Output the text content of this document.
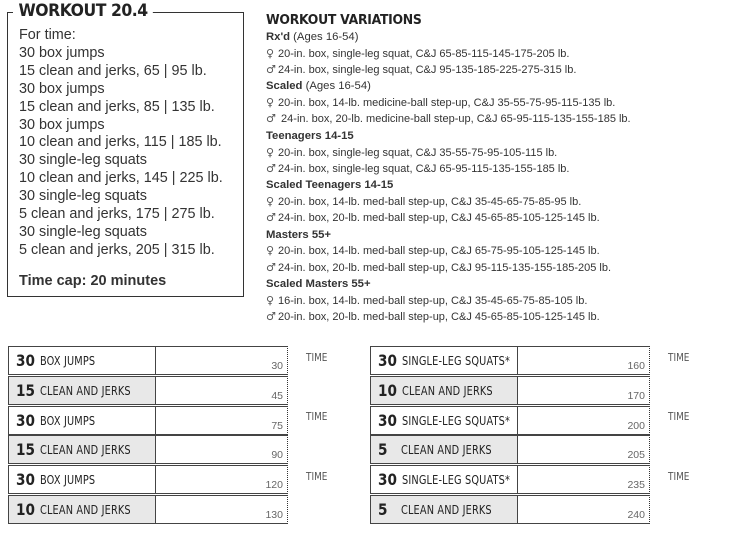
WORKOUT 20.4
For time:
30 box jumps
15 clean and jerks, 65 | 95 lb.
30 box jumps
15 clean and jerks, 85 | 135 lb.
30 box jumps
10 clean and jerks, 115 | 185 lb.
30 single-leg squats
10 clean and jerks, 145 | 225 lb.
30 single-leg squats
5 clean and jerks, 175 | 275 lb.
30 single-leg squats
5 clean and jerks, 205 | 315 lb.
Time cap: 20 minutes
WORKOUT VARIATIONS
Rx'd (Ages 16-54)
♀ 20-in. box, single-leg squat, C&J 65-85-115-145-175-205 lb.
♂ 24-in. box, single-leg squat, C&J 95-135-185-225-275-315 lb.
Scaled (Ages 16-54)
♀ 20-in. box, 14-lb. medicine-ball step-up, C&J 35-55-75-95-115-135 lb.
♂ 24-in. box, 20-lb. medicine-ball step-up, C&J 65-95-115-135-155-185 lb.
Teenagers 14-15
♀ 20-in. box, single-leg squat, C&J 35-55-75-95-105-115 lb.
♂ 24-in. box, single-leg squat, C&J 65-95-115-135-155-185 lb.
Scaled Teenagers 14-15
♀ 20-in. box, 14-lb. med-ball step-up, C&J 35-45-65-75-85-95 lb.
♂ 24-in. box, 20-lb. med-ball step-up, C&J 45-65-85-105-125-145 lb.
Masters 55+
♀ 20-in. box, 14-lb. med-ball step-up, C&J 65-75-95-105-125-145 lb.
♂ 24-in. box, 20-lb. med-ball step-up, C&J 95-115-135-155-185-205 lb.
Scaled Masters 55+
♀ 16-in. box, 14-lb. med-ball step-up, C&J 35-45-65-75-85-105 lb.
♂ 20-in. box, 20-lb. med-ball step-up, C&J 45-65-85-105-125-145 lb.
30 BOX JUMPS	30
15 CLEAN AND JERKS	45
TIME
30 BOX JUMPS	75
15 CLEAN AND JERKS	90
TIME
30 BOX JUMPS	120
10 CLEAN AND JERKS	130
TIME
30 SINGLE-LEG SQUATS*	160
10 CLEAN AND JERKS	170
TIME
30 SINGLE-LEG SQUATS*	200
5	CLEAN AND JERKS	205
TIME
30 SINGLE-LEG SQUATS*	235
5	CLEAN AND JERKS	240
TIME
